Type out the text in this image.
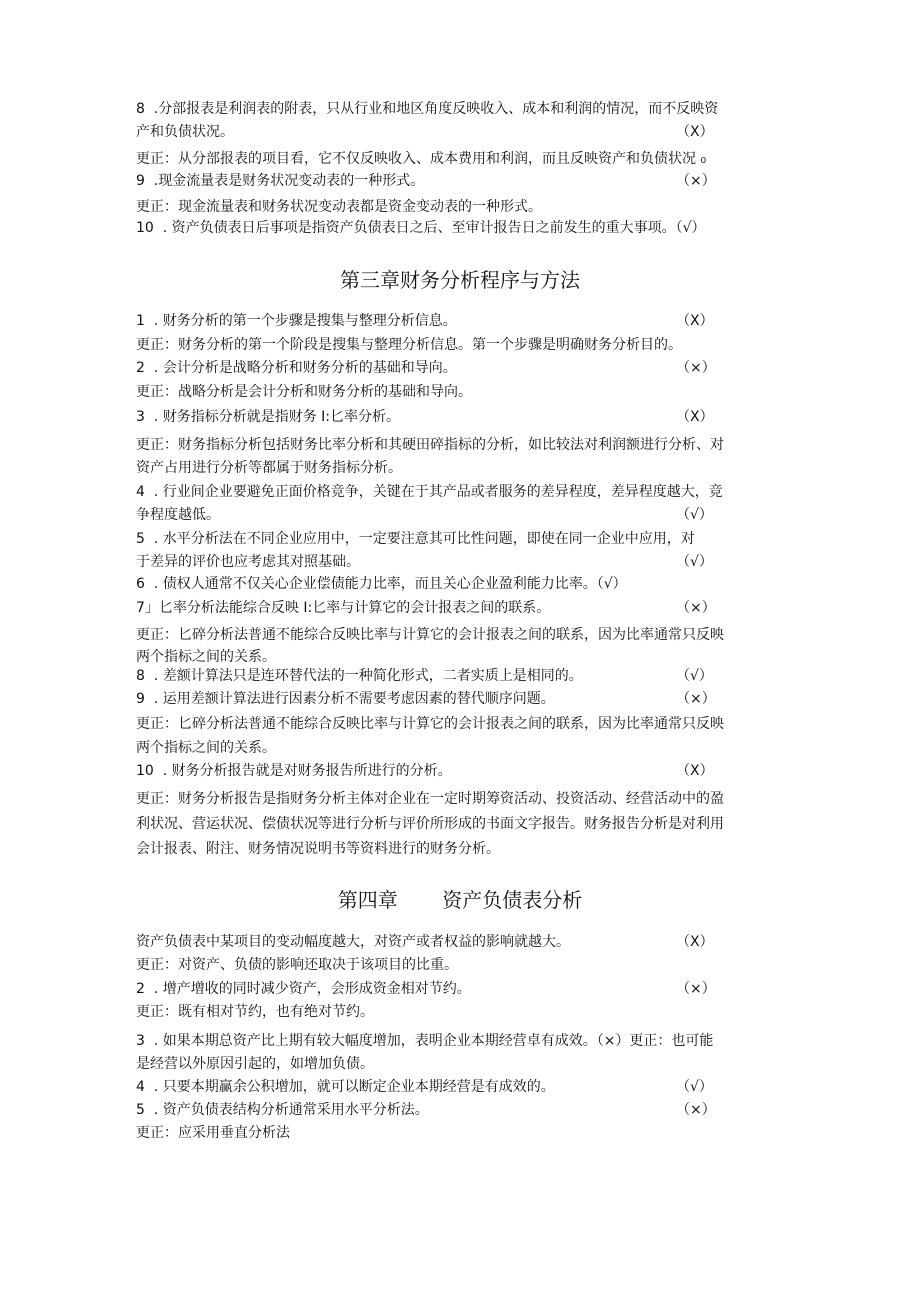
8  .分部报表是利润表的附表，只从行业和地区角度反映收入、成本和利润的情况，而不反映资
产和负债状况。	（X）
更正：从分部报表的项目看，它不仅反映收入、成本费用和利润，而且反映资产和负债状况 ₀
9  .现金流量表是财务状况变动表的一种形式。	（×）
更正：现金流量表和财务状况变动表都是资金变动表的一种形式。
10  . 资产负债表日后事项是指资产负债表日之后、至审计报告日之前发生的重大事项。（√）
第三章财务分析程序与方法
1  . 财务分析的第一个步骤是搜集与整理分析信息。	（X）
更正：财务分析的第一个阶段是搜集与整理分析信息。第一个步骤是明确财务分析目的。
2  . 会计分析是战略分析和财务分析的基础和导向。	（×）
更正：战略分析是会计分析和财务分析的基础和导向。
3  . 财务指标分析就是指财务 I:匕率分析。	（X）
更正：财务指标分析包括财务比率分析和其硬田碎指标的分析，如比较法对利润额进行分析、对
资产占用进行分析等都属于财务指标分析。
4  . 行业间企业要避免正面价格竞争，关键在于其产品或者服务的差异程度，差异程度越大，竞
争程度越低。	（√）
5  . 水平分析法在不同企业应用中，一定要注意其可比性问题，即使在同一企业中应用，对
于差异的评价也应考虑其对照基础。	（√）
6  . 债权人通常不仅关心企业偿债能力比率，而且关心企业盈利能力比率。（√）
7」匕率分析法能综合反映 I:匕率与计算它的会计报表之间的联系。	（×）
更正：匕碎分析法普通不能综合反映比率与计算它的会计报表之间的联系，因为比率通常只反映
两个指标之间的关系。
8  . 差额计算法只是连环替代法的一种简化形式，二者实质上是相同的。	（√）
9  . 运用差额计算法进行因素分析不需要考虑因素的替代顺序问题。	（×）
更正：匕碎分析法普通不能综合反映比率与计算它的会计报表之间的联系，因为比率通常只反映
两个指标之间的关系。
10  . 财务分析报告就是对财务报告所进行的分析。	（X）
更正：财务分析报告是指财务分析主体对企业在一定时期筹资活动、投资活动、经营活动中的盈
利状况、营运状况、偿债状况等进行分析与评价所形成的书面文字报告。财务报告分析是对利用
会计报表、附注、财务情况说明书等资料进行的财务分析。
第四章       资产负债表分析
资产负债表中某项目的变动幅度越大，对资产或者权益的影响就越大。	（X）
更正：对资产、负债的影响还取决于该项目的比重。
2  . 增产增收的同时减少资产，会形成资金相对节约。	（×）
更正：既有相对节约，也有绝对节约。
3  . 如果本期总资产比上期有较大幅度增加，表明企业本期经营卓有成效。（×）更正：也可能
是经营以外原因引起的，如增加负债。
4  . 只要本期赢余公积增加，就可以断定企业本期经营是有成效的。	（√）
5  . 资产负债表结构分析通常采用水平分析法。	（×）
更正：应采用垂直分析法
